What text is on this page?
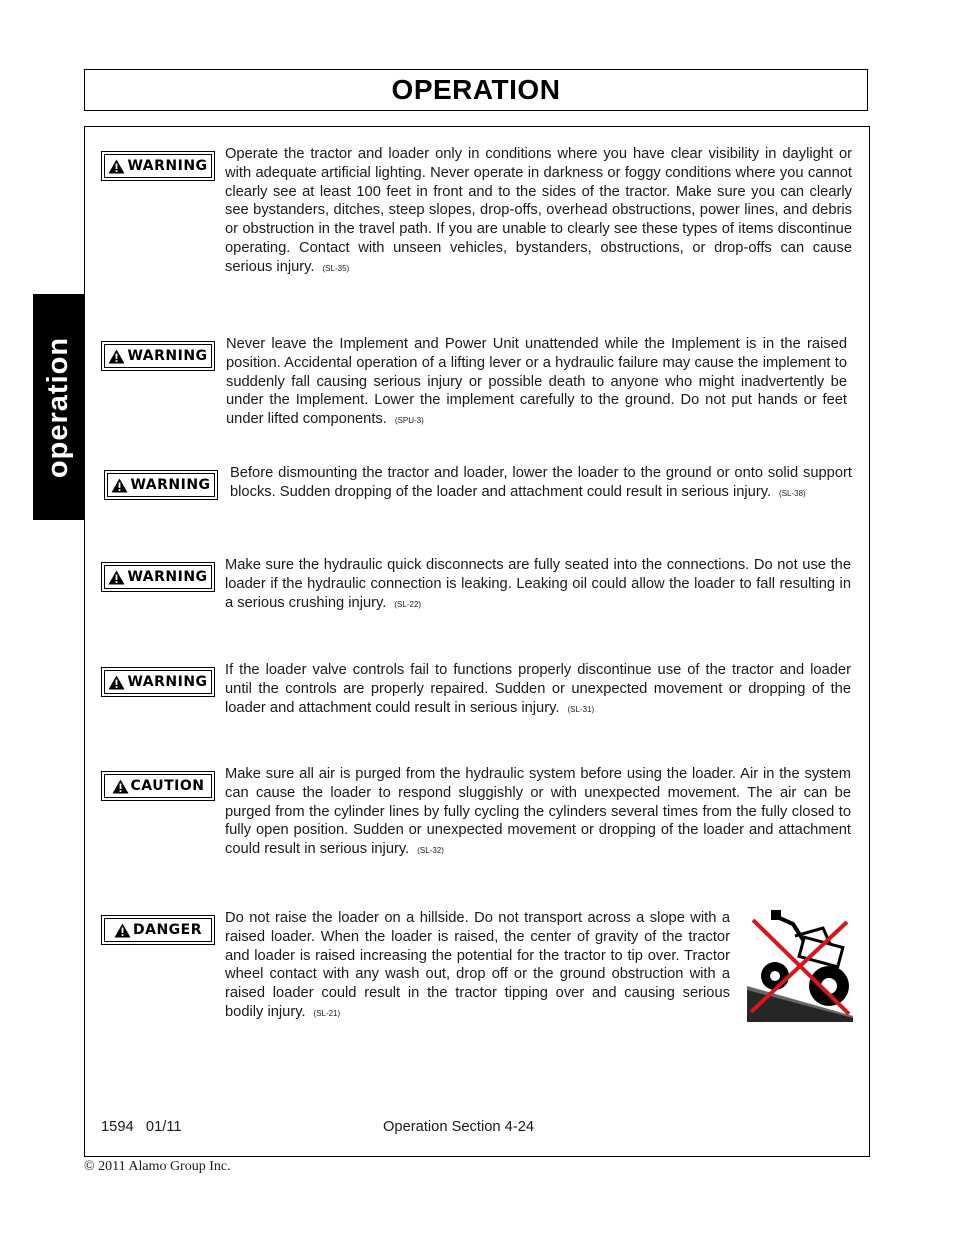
OPERATION
operation
WARNING
Operate the tractor and loader only in conditions where you have clear visibility in daylight or with adequate artificial lighting. Never operate in darkness or foggy conditions where you cannot clearly see at least 100 feet in front and to the sides of the tractor. Make sure you can clearly see bystanders, ditches, steep slopes, drop-offs, overhead obstructions, power lines, and debris or obstruction in the travel path. If you are unable to clearly see these types of items discontinue operating. Contact with unseen vehicles, bystanders, obstructions, or drop-offs can cause serious injury. (SL-35)
WARNING
Never leave the Implement and Power Unit unattended while the Implement is in the raised position. Accidental operation of a lifting lever or a hydraulic failure may cause the implement to suddenly fall causing serious injury or possible death to anyone who might inadvertently be under the Implement. Lower the implement carefully to the ground. Do not put hands or feet under lifted components. (SPU-3)
WARNING
Before dismounting the tractor and loader, lower the loader to the ground or onto solid support blocks. Sudden dropping of the loader and attachment could result in serious injury. (SL-38)
WARNING
Make sure the hydraulic quick disconnects are fully seated into the connections. Do not use the loader if the hydraulic connection is leaking. Leaking oil could allow the loader to fall resulting in a serious crushing injury. (SL-22)
WARNING
If the loader valve controls fail to functions properly discontinue use of the tractor and loader until the controls are properly repaired. Sudden or unexpected movement or dropping of the loader and attachment could result in serious injury. (SL-31)
CAUTION
Make sure all air is purged from the hydraulic system before using the loader. Air in the system can cause the loader to respond sluggishly or with unexpected movement. The air can be purged from the cylinder lines by fully cycling the cylinders several times from the fully closed to fully open position. Sudden or unexpected movement or dropping of the loader and attachment could result in serious injury. (SL-32)
DANGER
Do not raise the loader on a hillside. Do not transport across a slope with a raised loader. When the loader is raised, the center of gravity of the tractor and loader is raised increasing the potential for the tractor to tip over. Tractor wheel contact with any wash out, drop off or the ground obstruction with a raised loader could result in the tractor tipping over and causing serious bodily injury. (SL-21)
1594   01/11	Operation Section 4-24
© 2011 Alamo Group Inc.
